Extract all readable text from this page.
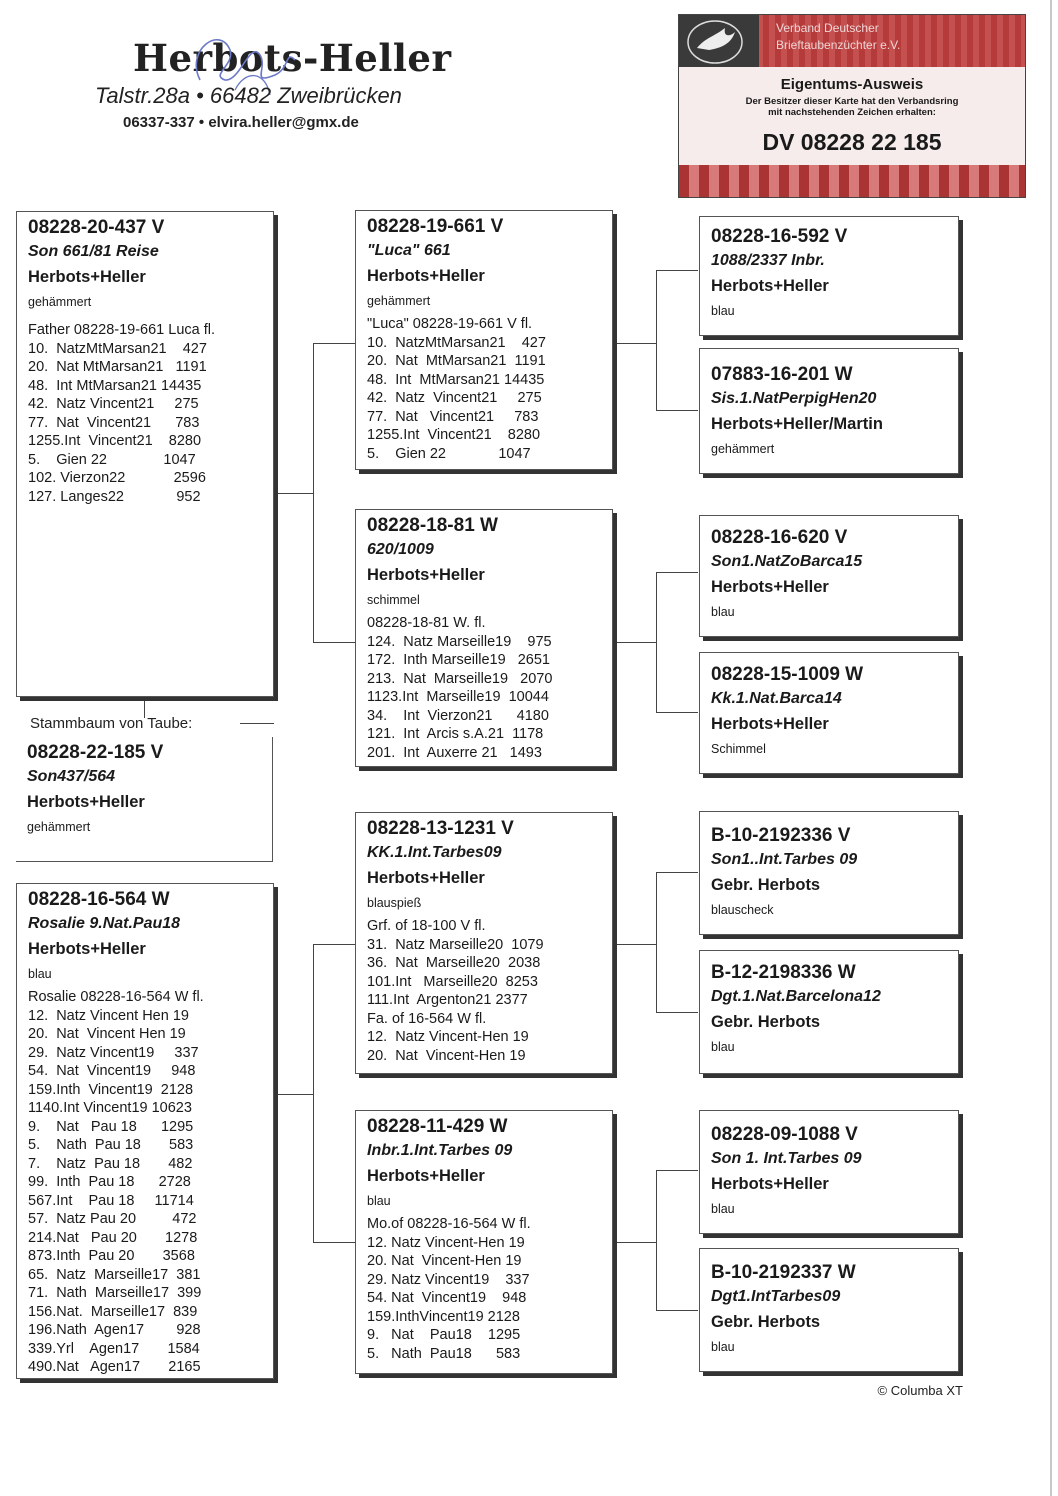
Herbots-Heller
Talstr.28a • 66482 Zweibrücken
06337-337 • elvira.heller@gmx.de
Verband Deutscher
Brieftaubenzüchter e.V.
Eigentums-Ausweis
Der Besitzer dieser Karte hat den Verbandsring
mit nachstehenden Zeichen erhalten:
DV 08228 22 185
08228-20-437 V
Son 661/81 Reise
Herbots+Heller
gehämmert
Father 08228-19-661 Luca fl.
10.  NatzMtMarsan21    427
20.  Nat MtMarsan21   1191
48.  Int MtMarsan21 14435
42.  Natz Vincent21     275
77.  Nat  Vincent21      783
1255.Int  Vincent21    8280
5.    Gien 22              1047
102. Vierzon22            2596
127. Langes22             952
Stammbaum von Taube:
08228-22-185 V
Son437/564
Herbots+Heller
gehämmert
08228-16-564 W
Rosalie 9.Nat.Pau18
Herbots+Heller
blau
Rosalie 08228-16-564 W fl.
12.  Natz Vincent Hen 19
20.  Nat  Vincent Hen 19
29.  Natz Vincent19     337
54.  Nat  Vincent19     948
159.Inth  Vincent19  2128
1140.Int Vincent19 10623
9.    Nat   Pau 18      1295
5.    Nath  Pau 18       583
7.    Natz  Pau 18       482
99.  Inth  Pau 18      2728
567.Int    Pau 18     11714
57.  Natz Pau 20         472
214.Nat   Pau 20       1278
873.Inth  Pau 20       3568
65.  Natz  Marseille17  381
71.  Nath  Marseille17  399
156.Nat.  Marseille17  839
196.Nath  Agen17        928
339.Yrl    Agen17       1584
490.Nat   Agen17       2165
08228-19-661 V
"Luca" 661
Herbots+Heller
gehämmert
"Luca" 08228-19-661 V fl.
10.  NatzMtMarsan21    427
20.  Nat  MtMarsan21  1191
48.  Int  MtMarsan21 14435
42.  Natz  Vincent21     275
77.  Nat   Vincent21     783
1255.Int  Vincent21    8280
5.    Gien 22             1047
08228-18-81 W
620/1009
Herbots+Heller
schimmel
08228-18-81 W. fl.
124.  Natz Marseille19    975
172.  Inth Marseille19   2651
213.  Nat  Marseille19   2070
1123.Int  Marseille19  10044
34.    Int  Vierzon21      4180
121.  Int  Arcis s.A.21  1178
201.  Int  Auxerre 21   1493
08228-13-1231 V
KK.1.Int.Tarbes09
Herbots+Heller
blauspieß
Grf. of 18-100 V fl.
31.  Natz Marseille20  1079
36.  Nat  Marseille20  2038
101.Int   Marseille20  8253
111.Int  Argenton21 2377
Fa. of 16-564 W fl.
12.  Natz Vincent-Hen 19
20.  Nat  Vincent-Hen 19
08228-11-429 W
Inbr.1.Int.Tarbes 09
Herbots+Heller
blau
Mo.of 08228-16-564 W fl.
12. Natz Vincent-Hen 19
20. Nat  Vincent-Hen 19
29. Natz Vincent19    337
54. Nat  Vincent19    948
159.InthVincent19 2128
9.   Nat    Pau18    1295
5.   Nath  Pau18      583
08228-16-592 V
1088/2337 Inbr.
Herbots+Heller
blau
07883-16-201 W
Sis.1.NatPerpigHen20
Herbots+Heller/Martin
gehämmert
08228-16-620 V
Son1.NatZoBarca15
Herbots+Heller
blau
08228-15-1009 W
Kk.1.Nat.Barca14
Herbots+Heller
Schimmel
B-10-2192336 V
Son1..Int.Tarbes 09
Gebr. Herbots
blauscheck
B-12-2198336 W
Dgt.1.Nat.Barcelona12
Gebr. Herbots
blau
08228-09-1088 V
Son 1. Int.Tarbes 09
Herbots+Heller
blau
B-10-2192337 W
Dgt1.IntTarbes09
Gebr. Herbots
blau
© Columba XT
